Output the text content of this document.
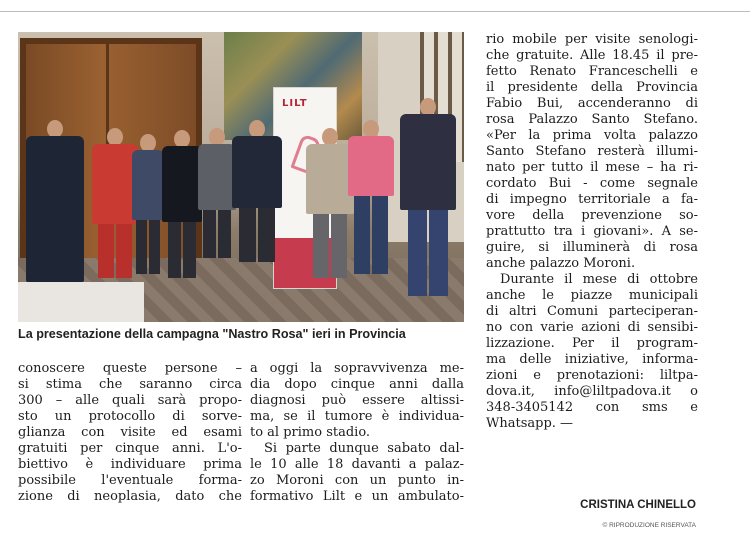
LILT
La presentazione della campagna "Nastro Rosa" ieri in Provincia
conoscere queste persone –
si stima che saranno circa
300 – alle quali sarà propo-
sto un protocollo di sorve-
glianza con visite ed esami
gratuiti per cinque anni. L'o-
biettivo è individuare prima
possibile l'eventuale forma-
zione di neoplasia, dato che
a oggi la sopravvivenza me-
dia dopo cinque anni dalla
diagnosi può essere altissi-
ma, se il tumore è individua-
to al primo stadio.
Si parte dunque sabato dal-
le 10 alle 18 davanti a palaz-
zo Moroni con un punto in-
formativo Lilt e un ambulato-
rio mobile per visite senologi-
che gratuite. Alle 18.45 il pre-
fetto Renato Franceschelli e
il presidente della Provincia
Fabio Bui, accenderanno di
rosa Palazzo Santo Stefano.
«Per la prima volta palazzo
Santo Stefano resterà illumi-
nato per tutto il mese – ha ri-
cordato Bui - come segnale
di impegno territoriale a fa-
vore della prevenzione so-
prattutto tra i giovani». A se-
guire, si illuminerà di rosa
anche palazzo Moroni.
Durante il mese di ottobre
anche le piazze municipali
di altri Comuni parteciperan-
no con varie azioni di sensibi-
lizzazione. Per il program-
ma delle iniziative, informa-
zioni e prenotazioni: liltpa-
dova.it, info@liltpadova.it o
348-3405142 con sms e
Whatsapp. —
CRISTINA CHINELLO
© RIPRODUZIONE RISERVATA
